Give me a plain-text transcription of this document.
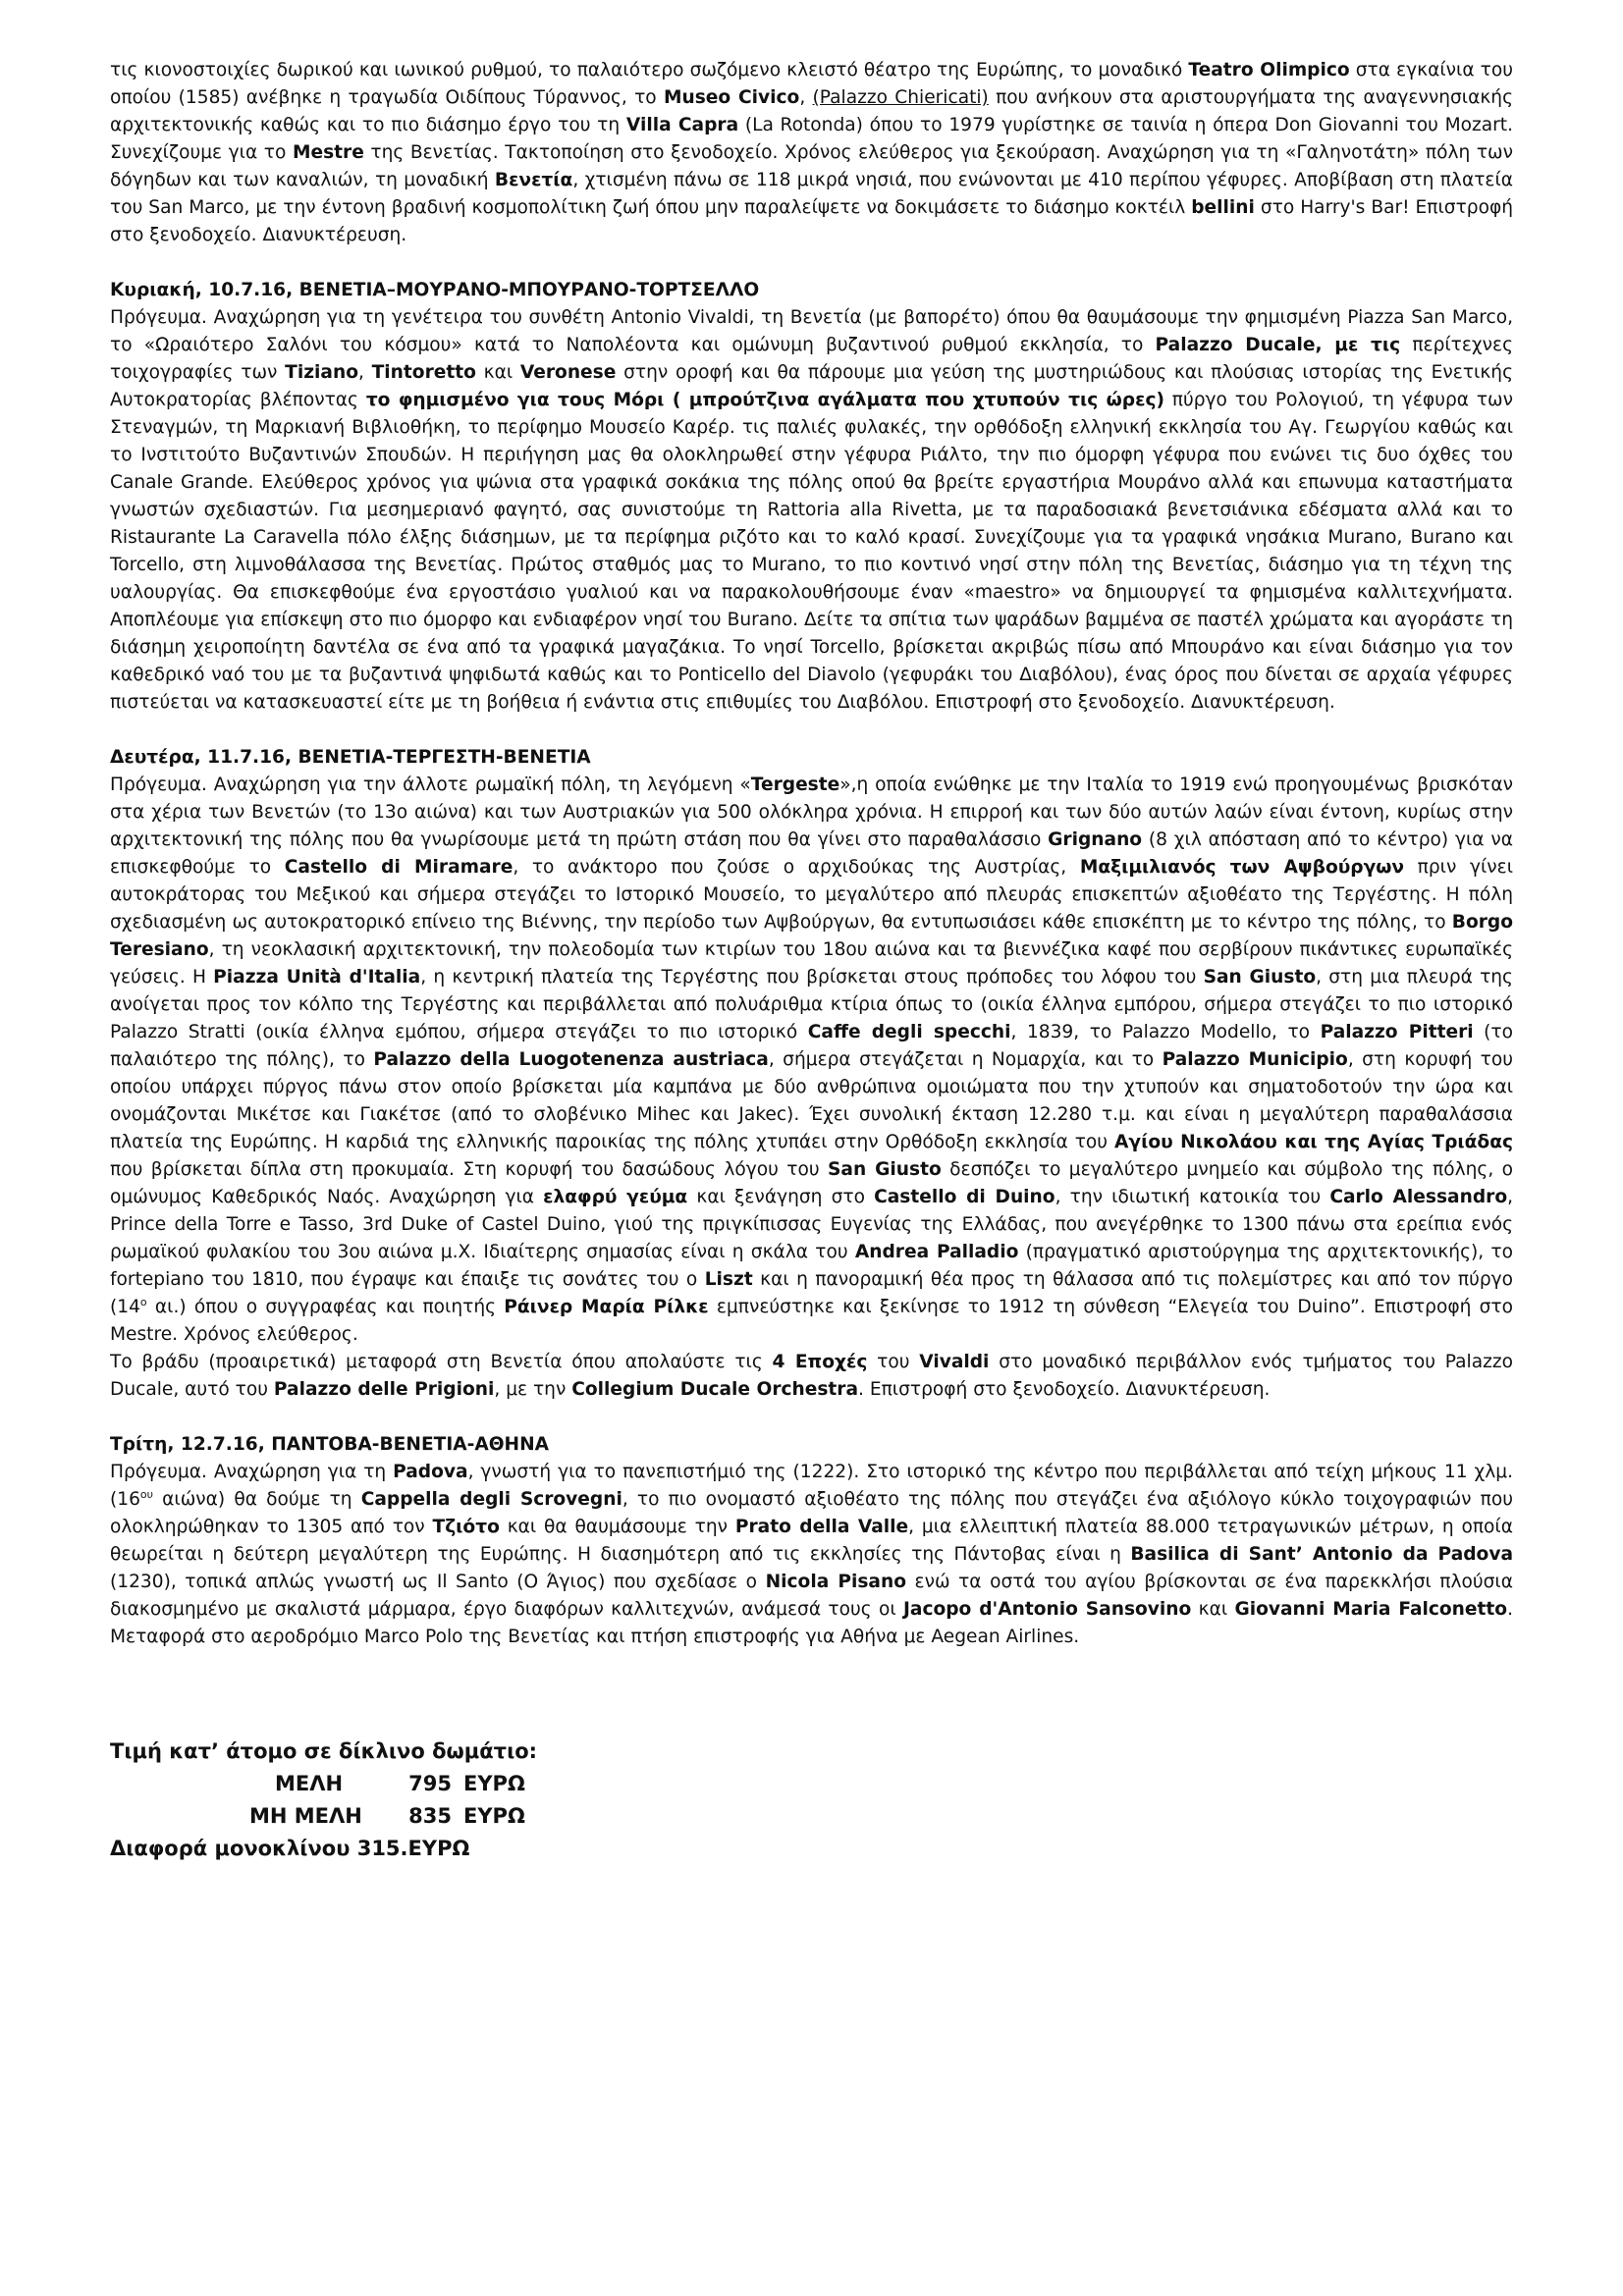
τις κιονοστοιχίες δωρικού και ιωνικού ρυθμού, το παλαιότερο σωζόμενο κλειστό θέατρο της Ευρώπης, το μοναδικό Teatro Olimpico στα εγκαίνια του οποίου (1585) ανέβηκε η τραγωδία Οιδίπους Τύραννος, το Museo Civico, (Palazzo Chiericati) που ανήκουν στα αριστουργήματα της αναγεννησιακής αρχιτεκτονικής καθώς και το πιο διάσημο έργο του τη Villa Capra (La Rotonda) όπου το 1979 γυρίστηκε σε ταινία η όπερα Don Giovanni του Mozart. Συνεχίζουμε για το Mestre της Βενετίας. Τακτοποίηση στο ξενοδοχείο. Χρόνος ελεύθερος για ξεκούραση. Αναχώρηση για τη «Γαληνοτάτη» πόλη των δόγηδων και των καναλιών, τη μοναδική Βενετία, χτισμένη πάνω σε 118 μικρά νησιά, που ενώνονται με 410 περίπου γέφυρες. Αποβίβαση στη πλατεία του San Marco, με την έντονη βραδινή κοσμοπολίτικη ζωή όπου μην παραλείψετε να δοκιμάσετε το διάσημο κοκτέιλ bellini στο Harry's Bar! Επιστροφή στο ξενοδοχείο. Διανυκτέρευση.

Κυριακή, 10.7.16, ΒΕΝΕΤΙΑ–ΜΟΥΡΑΝΟ-ΜΠΟΥΡΑΝΟ-ΤΟΡΤΣΕΛΛΟ

Πρόγευμα. Αναχώρηση για τη γενέτειρα του συνθέτη Antonio Vivaldi, τη Βενετία (με βαπορέτο) όπου θα θαυμάσουμε την φημισμένη Piazza San Marco, το «Ωραιότερο Σαλόνι του κόσμου» κατά το Ναπολέοντα και ομώνυμη βυζαντινού ρυθμού εκκλησία, το Palazzo Ducale, με τις περίτεχνες τοιχογραφίες των Tiziano, Tintoretto και Veronese στην οροφή και θα πάρουμε μια γεύση της μυστηριώδους και πλούσιας ιστορίας της Ενετικής Αυτοκρατορίας βλέποντας το φημισμένο για τους Μόρι ( μπρούτζινα αγάλματα που χτυπούν τις ώρες) πύργο του Ρολογιού, τη γέφυρα των Στεναγμών, τη Μαρκιανή Βιβλιοθήκη, το περίφημο Μουσείο Καρέρ. τις παλιές φυλακές, την ορθόδοξη ελληνική εκκλησία του Αγ. Γεωργίου καθώς και το Ινστιτούτο Βυζαντινών Σπουδών. Η περιήγηση μας θα ολοκληρωθεί στην γέφυρα Ριάλτο, την πιο όμορφη γέφυρα που ενώνει τις δυο όχθες του Canale Grande. Ελεύθερος χρόνος για ψώνια στα γραφικά σοκάκια της πόλης οπού θα βρείτε εργαστήρια Μουράνο αλλά και επωνυμα καταστήματα γνωστών σχεδιαστών. Για μεσημεριανό φαγητό, σας συνιστούμε τη Rattoria alla Rivetta, με τα παραδοσιακά βενετσιάνικα εδέσματα αλλά και το Ristaurante La Caravella πόλο έλξης διάσημων, με τα περίφημα ριζότο και το καλό κρασί. Συνεχίζουμε για τα γραφικά νησάκια Murano, Burano και Torcello, στη λιμνοθάλασσα της Βενετίας. Πρώτος σταθμός μας το Murano, το πιο κοντινό νησί στην πόλη της Βενετίας, διάσημο για τη τέχνη της υαλουργίας. Θα επισκεφθούμε ένα εργοστάσιο γυαλιού και να παρακολουθήσουμε έναν «maestro» να δημιουργεί τα φημισμένα καλλιτεχνήματα. Αποπλέουμε για επίσκεψη στο πιο όμορφο και ενδιαφέρον νησί του Burano. Δείτε τα σπίτια των ψαράδων βαμμένα σε παστέλ χρώματα και αγοράστε τη διάσημη χειροποίητη δαντέλα σε ένα από τα γραφικά μαγαζάκια. Το νησί Torcello, βρίσκεται ακριβώς πίσω από Μπουράνο και είναι διάσημο για τον καθεδρικό ναό του με τα βυζαντινά ψηφιδωτά καθώς και το Ponticello del Diavolo (γεφυράκι του Διαβόλου), ένας όρος που δίνεται σε αρχαία γέφυρες πιστεύεται να κατασκευαστεί είτε με τη βοήθεια ή ενάντια στις επιθυμίες του Διαβόλου. Επιστροφή στο ξενοδοχείο. Διανυκτέρευση.

Δευτέρα, 11.7.16, ΒΕΝΕΤΙΑ-ΤΕΡΓΕΣΤΗ-ΒΕΝΕΤΙΑ

Πρόγευμα. Αναχώρηση για την άλλοτε ρωμαϊκή πόλη, τη λεγόμενη «Tergeste»,η οποία ενώθηκε με την Ιταλία το 1919 ενώ προηγουμένως βρισκόταν στα χέρια των Βενετών (το 13ο αιώνα) και των Αυστριακών για 500 ολόκληρα χρόνια. Η επιρροή και των δύο αυτών λαών είναι έντονη, κυρίως στην αρχιτεκτονική της πόλης που θα γνωρίσουμε μετά τη πρώτη στάση που θα γίνει στο παραθαλάσσιο Grignano (8 χιλ απόσταση από το κέντρο) για να επισκεφθούμε το Castello di Miramare, το ανάκτορο που ζούσε ο αρχιδούκας της Αυστρίας, Μαξιμιλιανός των Αψβούργων πριν γίνει αυτοκράτορας του Μεξικού και σήμερα στεγάζει το Ιστορικό Μουσείο, το μεγαλύτερο από πλευράς επισκεπτών αξιοθέατο της Τεργέστης. Η πόλη σχεδιασμένη ως αυτοκρατορικό επίνειο της Βιέννης, την περίοδο των Αψβούργων, θα εντυπωσιάσει κάθε επισκέπτη με το κέντρο της πόλης, το Borgo Teresiano, τη νεοκλασική αρχιτεκτονική, την πολεοδομία των κτιρίων του 18ου αιώνα και τα βιεννέζικα καφέ που σερβίρουν πικάντικες ευρωπαϊκές γεύσεις. Η Piazza Unità d'Italia, η κεντρική πλατεία της Τεργέστης που βρίσκεται στους πρόποδες του λόφου του San Giusto, στη μια πλευρά της ανοίγεται προς τον κόλπο της Τεργέστης και περιβάλλεται από πολυάριθμα κτίρια όπως το (οικία έλληνα εμπόρου, σήμερα στεγάζει το πιο ιστορικό Palazzo Stratti (οικία έλληνα εμόπου, σήμερα στεγάζει το πιο ιστορικό Caffe degli specchi, 1839, το Palazzo Modello, το Palazzo Pitteri (το παλαιότερο της πόλης), το Palazzo della Luogotenenza austriaca, σήμερα στεγάζεται η Νομαρχία, και το Palazzo Municipio, στη κορυφή του οποίου υπάρχει πύργος πάνω στον οποίο βρίσκεται μία καμπάνα με δύο ανθρώπινα ομοιώματα που την χτυπούν και σηματοδοτούν την ώρα και ονομάζονται Μικέτσε και Γιακέτσε (από το σλοβένικο Mihec και Jakec). Έχει συνολική έκταση 12.280 τ.μ. και είναι η μεγαλύτερη παραθαλάσσια πλατεία της Ευρώπης. Η καρδιά της ελληνικής παροικίας της πόλης χτυπάει στην Ορθόδοξη εκκλησία του Αγίου Νικολάου και της Αγίας Τριάδας που βρίσκεται δίπλα στη προκυμαία. Στη κορυφή του δασώδους λόγου του San Giusto δεσπόζει το μεγαλύτερο μνημείο και σύμβολο της πόλης, ο ομώνυμος Καθεδρικός Ναός. Αναχώρηση για ελαφρύ γεύμα και ξενάγηση στο Castello di Duino, την ιδιωτική κατοικία του Carlo Alessandro, Prince della Torre e Tasso, 3rd Duke of Castel Duino, γιού της πριγκίπισσας Ευγενίας της Ελλάδας, που ανεγέρθηκε το 1300 πάνω στα ερείπια ενός ρωμαϊκού φυλακίου του 3ου αιώνα μ.Χ. Ιδιαίτερης σημασίας είναι η σκάλα του Andrea Palladio (πραγματικό αριστούργημα της αρχιτεκτονικής), το fortepiano του 1810, που έγραψε και έπαιξε τις σονάτες του ο Liszt και η πανοραμική θέα προς τη θάλασσα από τις πολεμίστρες και από τον πύργο ($14^o$ αι.) όπου ο συγγραφέας και ποιητής Ράινερ Μαρία Ρίλκε εμπνεύστηκε και ξεκίνησε το 1912 τη σύνθεση “Ελεγεία του Duino”. Επιστροφή στο Mestre. Χρόνος ελεύθερος.

Το βράδυ (προαιρετικά) μεταφορά στη Βενετία όπου απολαύστε τις 4 Εποχές του Vivaldi στο μοναδικό περιβάλλον ενός τμήματος του Palazzo Ducale, αυτό του Palazzo delle Prigioni, με την Collegium Ducale Orchestra. Επιστροφή στο ξενοδοχείο. Διανυκτέρευση.

Τρίτη, 12.7.16, ΠΑΝΤΟΒΑ-ΒΕΝΕΤΙΑ-ΑΘΗΝΑ

Πρόγευμα. Αναχώρηση για τη Padova, γνωστή για το πανεπιστήμιό της (1222). Στο ιστορικό της κέντρο που περιβάλλεται από τείχη μήκους 11 χλμ. ($16^{o\upsilon}$ αιώνα) θα δούμε τη Cappella degli Scrovegni, το πιο ονομαστό αξιοθέατο της πόλης που στεγάζει ένα αξιόλογο κύκλο τοιχογραφιών που ολοκληρώθηκαν το 1305 από τον Τζιότο και θα θαυμάσουμε την Prato della Valle, μια ελλειπτική πλατεία 88.000 τετραγωνικών μέτρων, η οποία θεωρείται η δεύτερη μεγαλύτερη της Ευρώπης. Η διασημότερη από τις εκκλησίες της Πάντοβας είναι η Basilica di Sant’ Antonio da Padova (1230), τοπικά απλώς γνωστή ως Il Santo (Ο Άγιος) που σχεδίασε ο Nicola Pisano ενώ τα οστά του αγίου βρίσκονται σε ένα παρεκκλήσι πλούσια διακοσμημένο με σκαλιστά μάρμαρα, έργο διαφόρων καλλιτεχνών, ανάμεσά τους οι Jacopo d'Antonio Sansovino και Giovanni Maria Falconetto. Μεταφορά στο αεροδρόμιο Marco Polo της Βενετίας και πτήση επιστροφής για Αθήνα με Aegean Airlines.

Τιμή κατ’ άτομο σε δίκλινο δωμάτιο:
ΜΕΛΗ	795 ΕΥΡΩ
ΜΗ ΜΕΛΗ	835 ΕΥΡΩ
Διαφορά μονοκλίνου 315.ΕΥΡΩ
